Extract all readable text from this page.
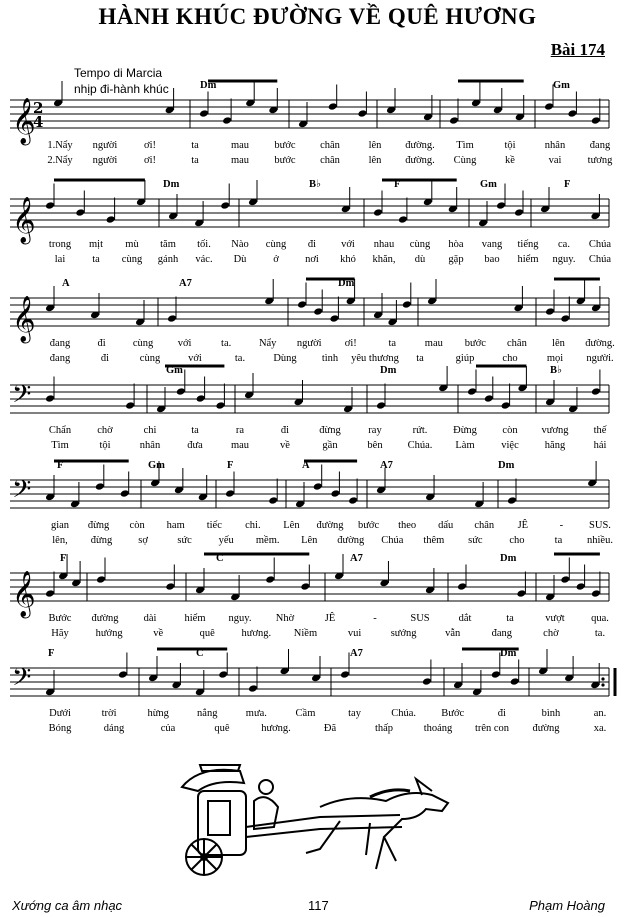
HÀNH KHÚC ĐƯỜNG VỀ QUÊ HƯƠNG
Bài 174
Tempo di Marcia
nhịp đi-hành khúc
𝄞
2
4
Dm	Gm
1.Nẩy người	ơi!	ta	mau bước chân	lên đường. Tìm	tội	nhân đang
2.Nẩy người	ơi!	ta	mau bước chân	lên đường. Cùng	kề	vai	tương
𝄞
Dm	B♭	F	Gm	F
trong mịt mù tăm tối. Nào cùng đi với nhau cùng hòa vang tiếng ca. Chúa
lai	ta cùng gánh vác. Dù	ở	nơi khó khăn, dù gặp bao hiểm nguy. Chúa
𝄞
A	A7	Dm
đang	đi	cùng với	ta.	Nẩy người ơi!	ta	mau bước chân lên đường.
đang	đi	cùng	với	ta.	Dùng tình yêu thương ta	giúp	cho	mọi người.
𝄢
Gm	Dm	B♭
Chẩn chờ	chi	ta	ra	đi	đừng	ray	rứt. Đừng còn vương thế
Tìm	tội	nhân	đưa	mau	về	gần	bên Chúa. Làm	việc hăng	hái
𝄢
F	Gm	F	A	A7	Dm
gian đừng còn ham tiếc chi. Lên đường bước theo dấu chân JÊ	- SUS.
lên, đừng sợ	sức	yếu mềm. Lên đường Chúa thêm sức	cho	ta nhiều.
𝄞
F	C	A7	Dm
Bước đường dài	hiểm nguy. Nhờ	JÊ	-	SUS	dắt	ta	vượt	qua.
Hãy	hướng	về	quê	hương. Niềm	vui	sướng	vẫn	đang	chờ	ta.
𝄢
F	C	A7	Dm
Dưới	trời	hừng	nắng	mưa.	Cầm	tay	Chúa. Bước	đi	bình	an.
Bóng	dáng	của	quê	hương.	Đã	thấp	thoáng trên con đường	xa.
Xướng ca âm nhạc	117	Phạm Hoàng
